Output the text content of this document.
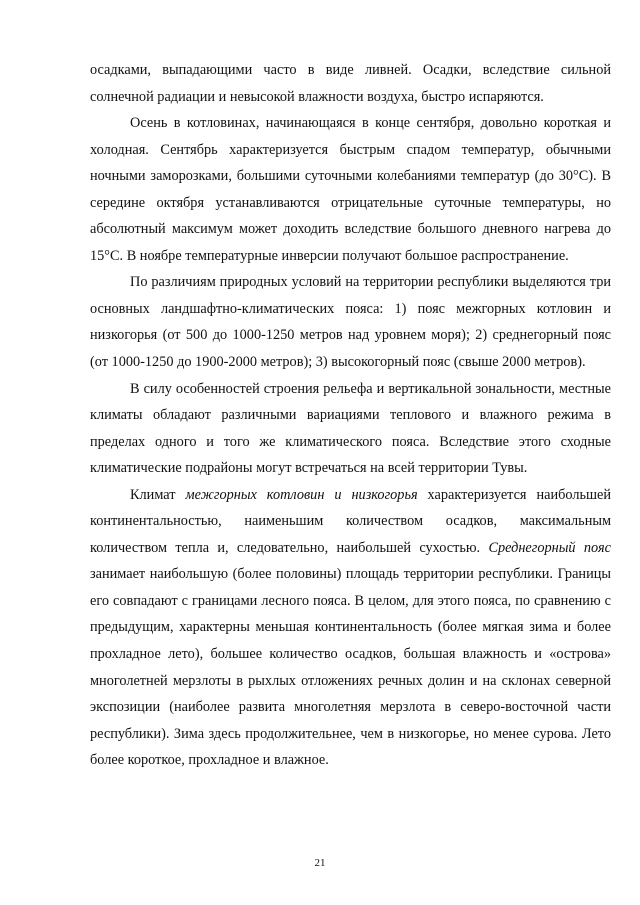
осадками, выпадающими часто в виде ливней. Осадки, вследствие сильной солнечной радиации и невысокой влажности воздуха, быстро испаряются.

Осень в котловинах, начинающаяся в конце сентября, довольно короткая и холодная. Сентябрь характеризуется быстрым спадом температур, обычными ночными заморозками, большими суточными колебаниями температур (до 30°С). В середине октября устанавливаются отрицательные суточные температуры, но абсолютный максимум может доходить вследствие большого дневного нагрева до 15°С. В ноябре температурные инверсии получают большое распространение.

По различиям природных условий на территории республики выделяются три основных ландшафтно-климатических пояса: 1) пояс межгорных котловин и низкогорья (от 500 до 1000-1250 метров над уровнем моря); 2) среднегорный пояс (от 1000-1250 до 1900-2000 метров); 3) высокогорный пояс (свыше 2000 метров).

В силу особенностей строения рельефа и вертикальной зональности, местные климаты обладают различными вариациями теплового и влажного режима в пределах одного и того же климатического пояса. Вследствие этого сходные климатические подрайоны могут встречаться на всей территории Тувы.

Климат межгорных котловин и низкогорья характеризуется наибольшей континентальностью, наименьшим количеством осадков, максимальным количеством тепла и, следовательно, наибольшей сухостью. Среднегорный пояс занимает наибольшую (более половины) площадь территории республики. Границы его совпадают с границами лесного пояса. В целом, для этого пояса, по сравнению с предыдущим, характерны меньшая континентальность (более мягкая зима и более прохладное лето), большее количество осадков, большая влажность и «острова» многолетней мерзлоты в рыхлых отложениях речных долин и на склонах северной экспозиции (наиболее развита многолетняя мерзлота в северо-восточной части республики). Зима здесь продолжительнее, чем в низкогорье, но менее сурова. Лето более короткое, прохладное и влажное.

21
